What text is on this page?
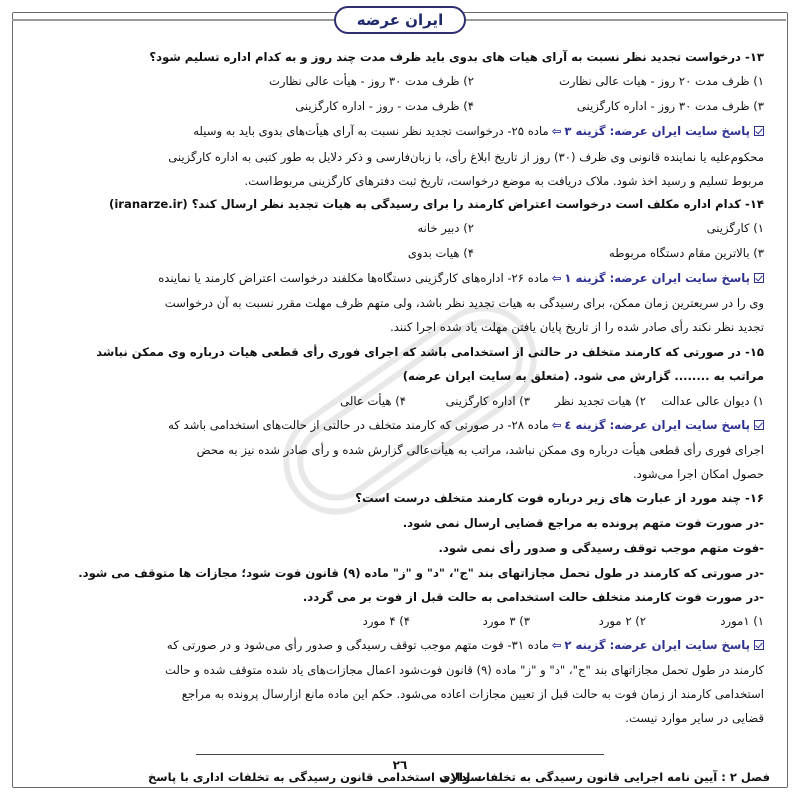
ایران عرضه
۱۳- درخواست تجدید نظر نسبت به آرای هیات های بدوی باید ظرف مدت چند روز و به کدام اداره تسلیم شود؟
۱) ظرف مدت ۲۰ روز - هیات عالی نظارت
۲) ظرف مدت ۳۰ روز - هیأت عالی نظارت
۳) ظرف مدت ۳۰ روز - اداره کارگزینی
۴) ظرف مدت - روز - اداره کارگزینی
پاسخ سایت ایران عرضه: گزینه ۳⇦ماده ۲۵- درخواست تجدید نظر نسبت به آرای هیأت‌های بدوی باید به وسیله
محکوم‌علیه یا نماینده قانونی وی ظرف (۳۰) روز از تاریخ ابلاغ رأی، با زبان‌فارسی و ذکر دلایل به طور کتبی به اداره کارگزینی
مربوط تسلیم و رسید اخذ شود. ملاک دریافت به موضع درخواست، تاریخ ثبت دفترهای کارگزینی مربوط‌است.
۱۴- کدام اداره مکلف است درخواست اعتراض کارمند را برای رسیدگی به هیات تجدید نظر ارسال کند؟ (iranarze.ir)
۱) کارگزینی
۲) دبیر خانه
۳) بالاترین مقام دستگاه مربوطه
۴) هیات بدوی
پاسخ سایت ایران عرضه: گزینه ۱⇦ماده ۲۶- اداره‌های کارگزینی دستگاه‌ها مکلفند درخواست اعتراض کارمند یا نماینده
وی را در سریعترین زمان ممکن، برای رسیدگی به هیات تجدید نظر باشد، ولی متهم ظرف مهلت مقرر نسبت به آن درخواست
تجدید نظر نکند رأی صادر شده را از تاریخ پایان یافتن مهلت یاد شده اجرا کنند.
۱۵- در صورتی که کارمند متخلف در حالتی از استخدامی باشد که اجرای فوری رأی قطعی هیات درباره وی ممکن نباشد
مراتب به ........ گزارش می شود. (متعلق به سایت ایران عرضه)
۱) دیوان عالی عدالت
۲) هیات تجدید نظر
۳) اداره کارگزینی
۴) هیأت عالی
پاسخ سایت ایران عرضه: گزینه ٤⇦ماده ۲۸- در صورتی که کارمند متخلف در حالتی از حالت‌های استخدامی باشد که
اجرای فوری رأی قطعی هیأت درباره وی ممکن نباشد، مراتب به هیأت‌عالی گزارش شده و رأی صادر شده نیز به محض
حصول امکان اجرا می‌شود.
۱۶- چند مورد از عبارت های زیر درباره فوت کارمند متخلف درست است؟
-در صورت فوت متهم پرونده به مراجع قضایی ارسال نمی شود.
-فوت متهم موجب توقف رسیدگی و صدور رأی نمی شود.
-در صورتی که کارمند در طول تحمل مجازاتهای بند "ج"، "د" و "ز" ماده (۹) قانون فوت شود؛ مجازات ها متوقف می شود.
-در صورت فوت کارمند متخلف حالت استخدامی به حالت قبل از فوت بر می گردد.
۱) ۱مورد
۲) ۲ مورد
۳) ۳ مورد
۴) ۴ مورد
پاسخ سایت ایران عرضه: گزینه ۲⇦ماده ۳۱- فوت متهم موجب توقف رسیدگی و صدور رأی می‌شود و در صورتی که
کارمند در طول تحمل مجازاتهای بند "ج"، "د" و "ز" ماده (۹) قانون فوت‌شود اعمال مجازات‌های یاد شده متوقف شده و حالت
استخدامی کارمند از زمان فوت به حالت قبل از تعیین مجازات اعاده می‌شود. حکم این ماده مانع ازارسال پرونده به مراجع
قضایی در سایر موارد نیست.
۲٦
فصل ۲ : آیین نامه اجرایی قانون رسیدگی به تخلفات اداری
سوالات استخدامی قانون رسیدگی به تخلفات اداری با پاسخ
